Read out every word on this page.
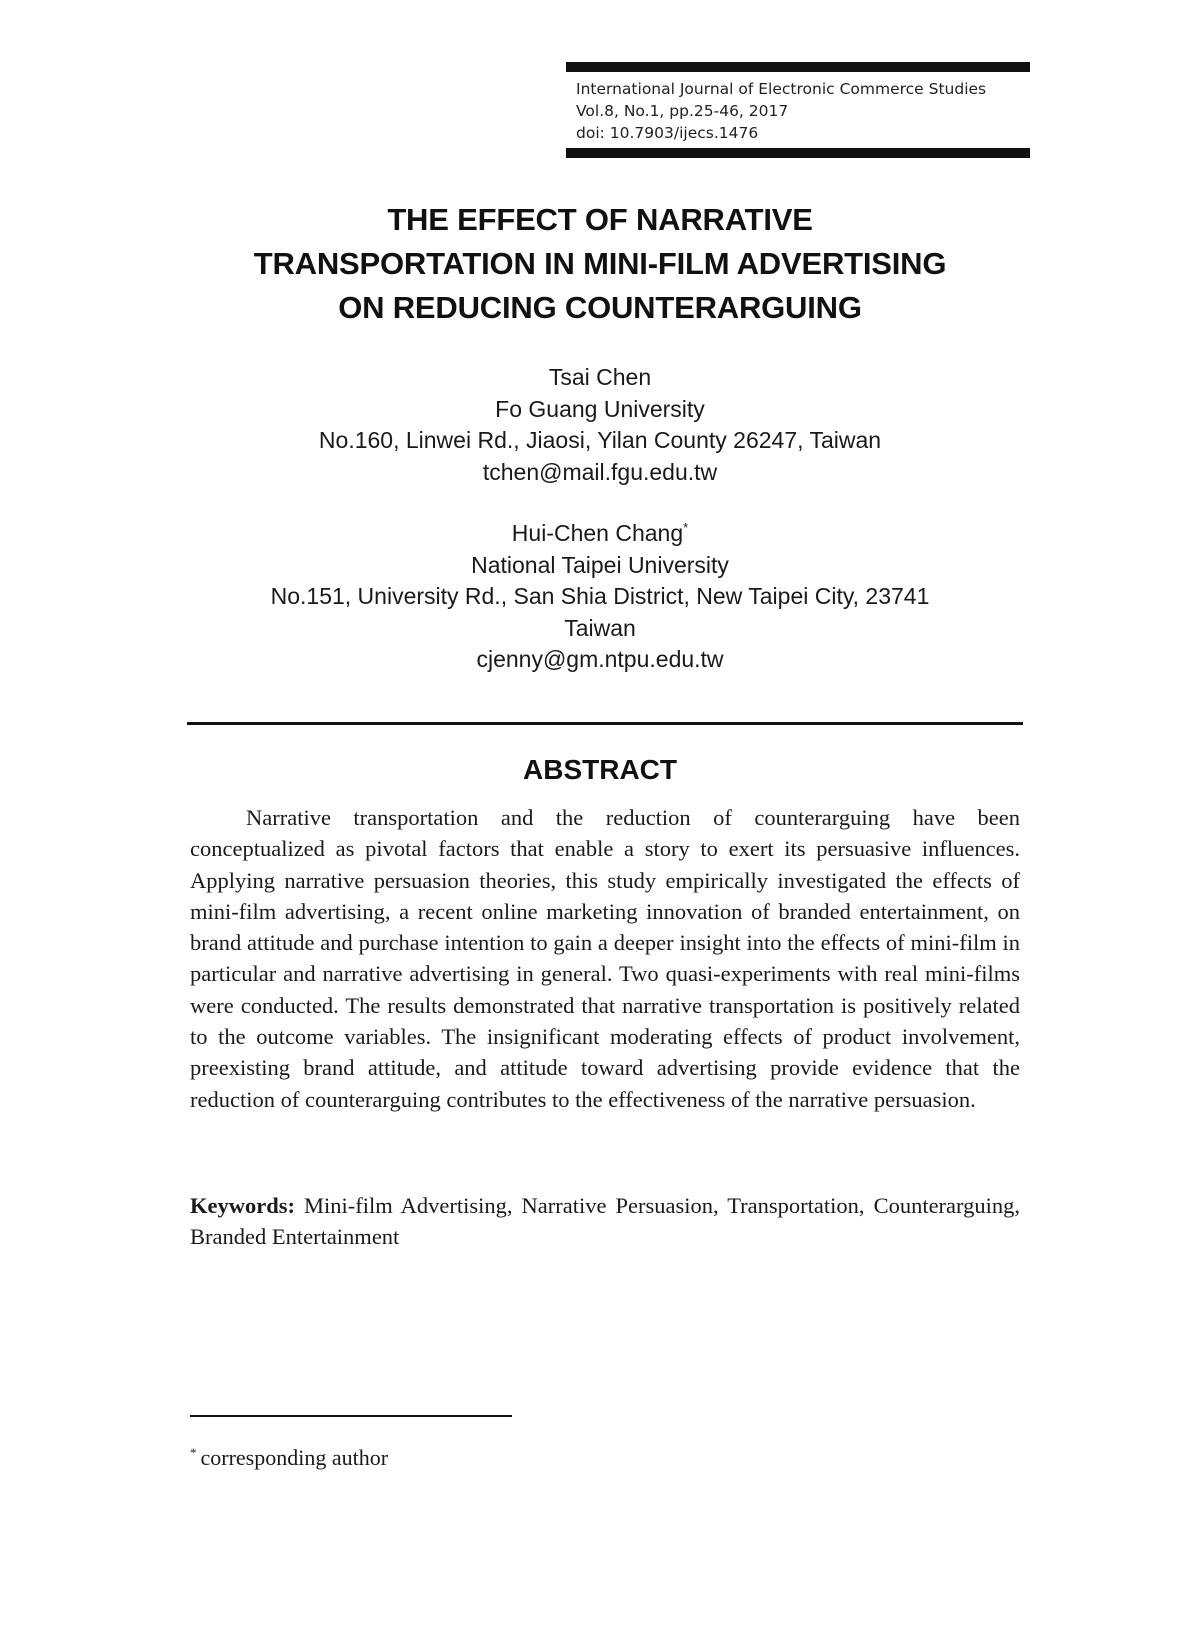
International Journal of Electronic Commerce Studies
Vol.8, No.1, pp.25-46, 2017
doi: 10.7903/ijecs.1476
THE EFFECT OF NARRATIVE
TRANSPORTATION IN MINI-FILM ADVERTISING
ON REDUCING COUNTERARGUING
Tsai Chen
Fo Guang University
No.160, Linwei Rd., Jiaosi, Yilan County 26247, Taiwan
tchen@mail.fgu.edu.tw
Hui-Chen Chang*
National Taipei University
No.151, University Rd., San Shia District, New Taipei City, 23741
Taiwan
cjenny@gm.ntpu.edu.tw
ABSTRACT

Narrative transportation and the reduction of counterarguing have been conceptualized as pivotal factors that enable a story to exert its persuasive influences. Applying narrative persuasion theories, this study empirically investigated the effects of mini-film advertising, a recent online marketing innovation of branded entertainment, on brand attitude and purchase intention to gain a deeper insight into the effects of mini-film in particular and narrative advertising in general. Two quasi-experiments with real mini-films were conducted. The results demonstrated that narrative transportation is positively related to the outcome variables. The insignificant moderating effects of product involvement, preexisting brand attitude, and attitude toward advertising provide evidence that the reduction of counterarguing contributes to the effectiveness of the narrative persuasion.

Keywords: Mini-film Advertising, Narrative Persuasion, Transportation, Counterarguing, Branded Entertainment

* corresponding author
